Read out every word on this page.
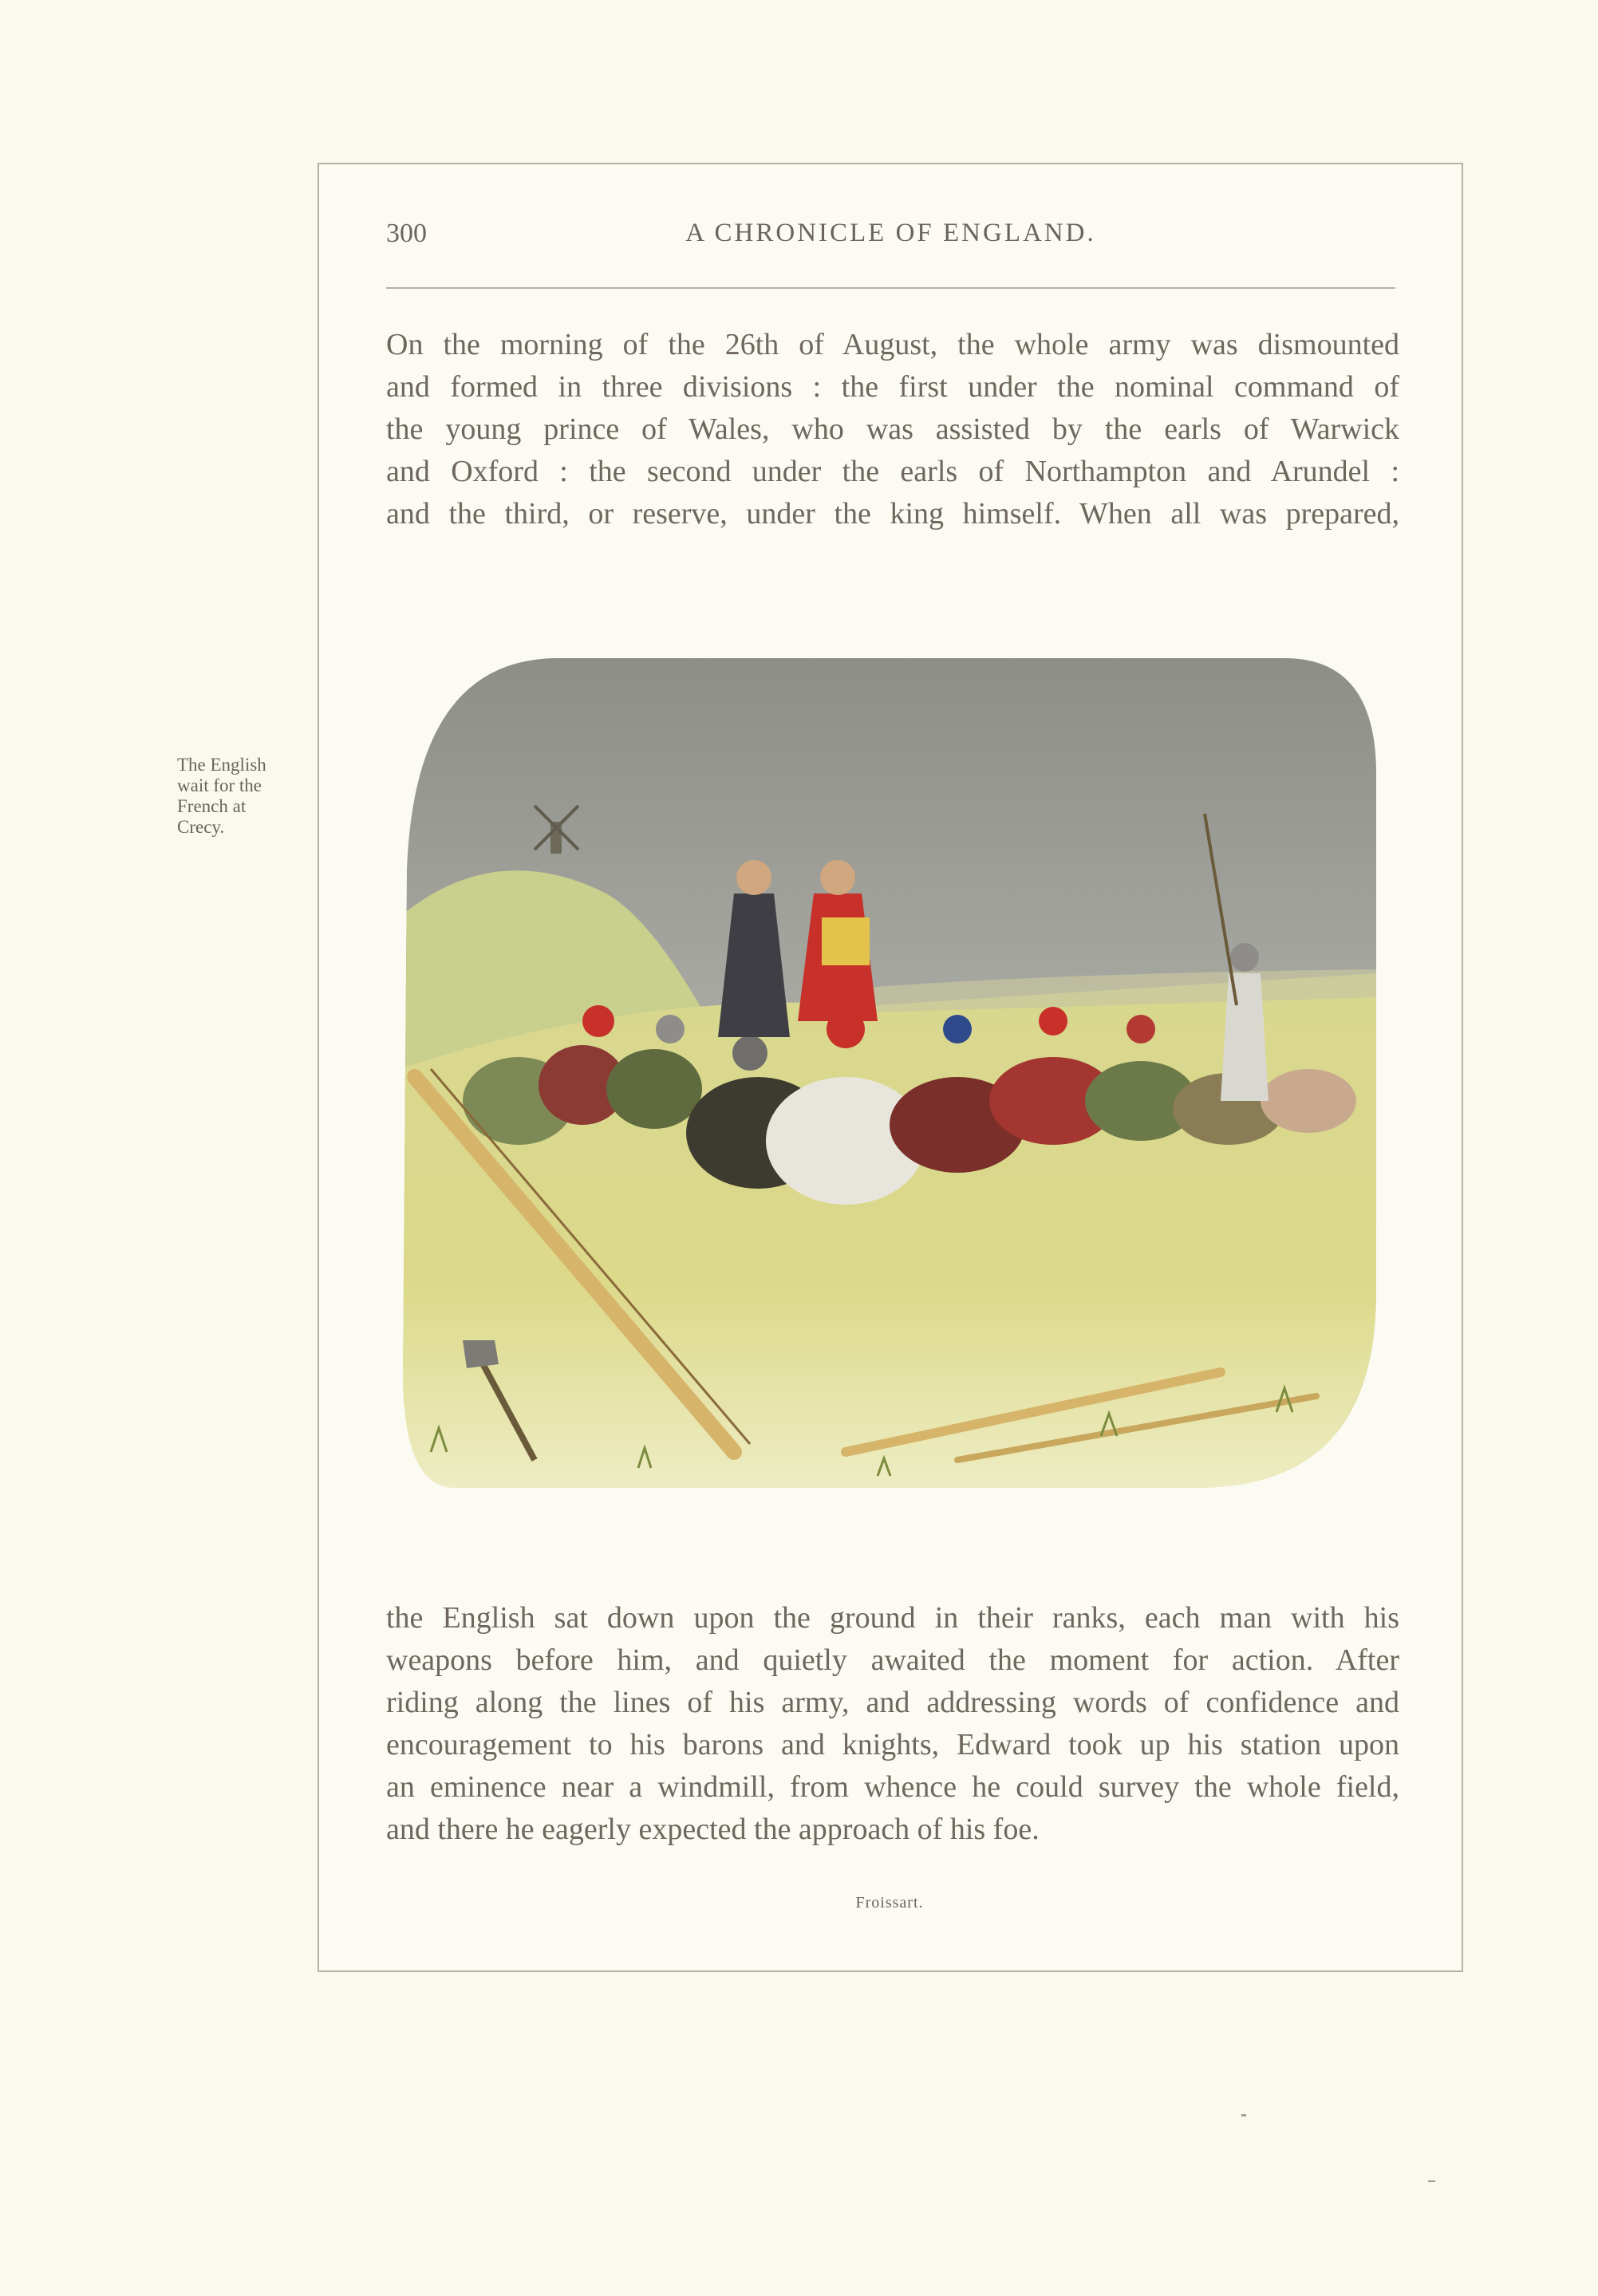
300	A CHRONICLE OF ENGLAND.
On the morning of the 26th of August, the whole army was dismounted
and formed in three divisions : the first under the nominal command of
the young prince of Wales, who was assisted by the earls of Warwick
and Oxford : the second under the earls of Northampton and Arundel :
and the third, or reserve, under the king himself. When all was prepared,
The English
wait for the
French at
Crecy.
the English sat down upon the ground in their ranks, each man with his
weapons before him, and quietly awaited the moment for action. After
riding along the lines of his army, and addressing words of confidence and
encouragement to his barons and knights, Edward took up his station upon
an eminence near a windmill, from whence he could survey the whole field,
and there he eagerly expected the approach of his foe.
Froissart.
